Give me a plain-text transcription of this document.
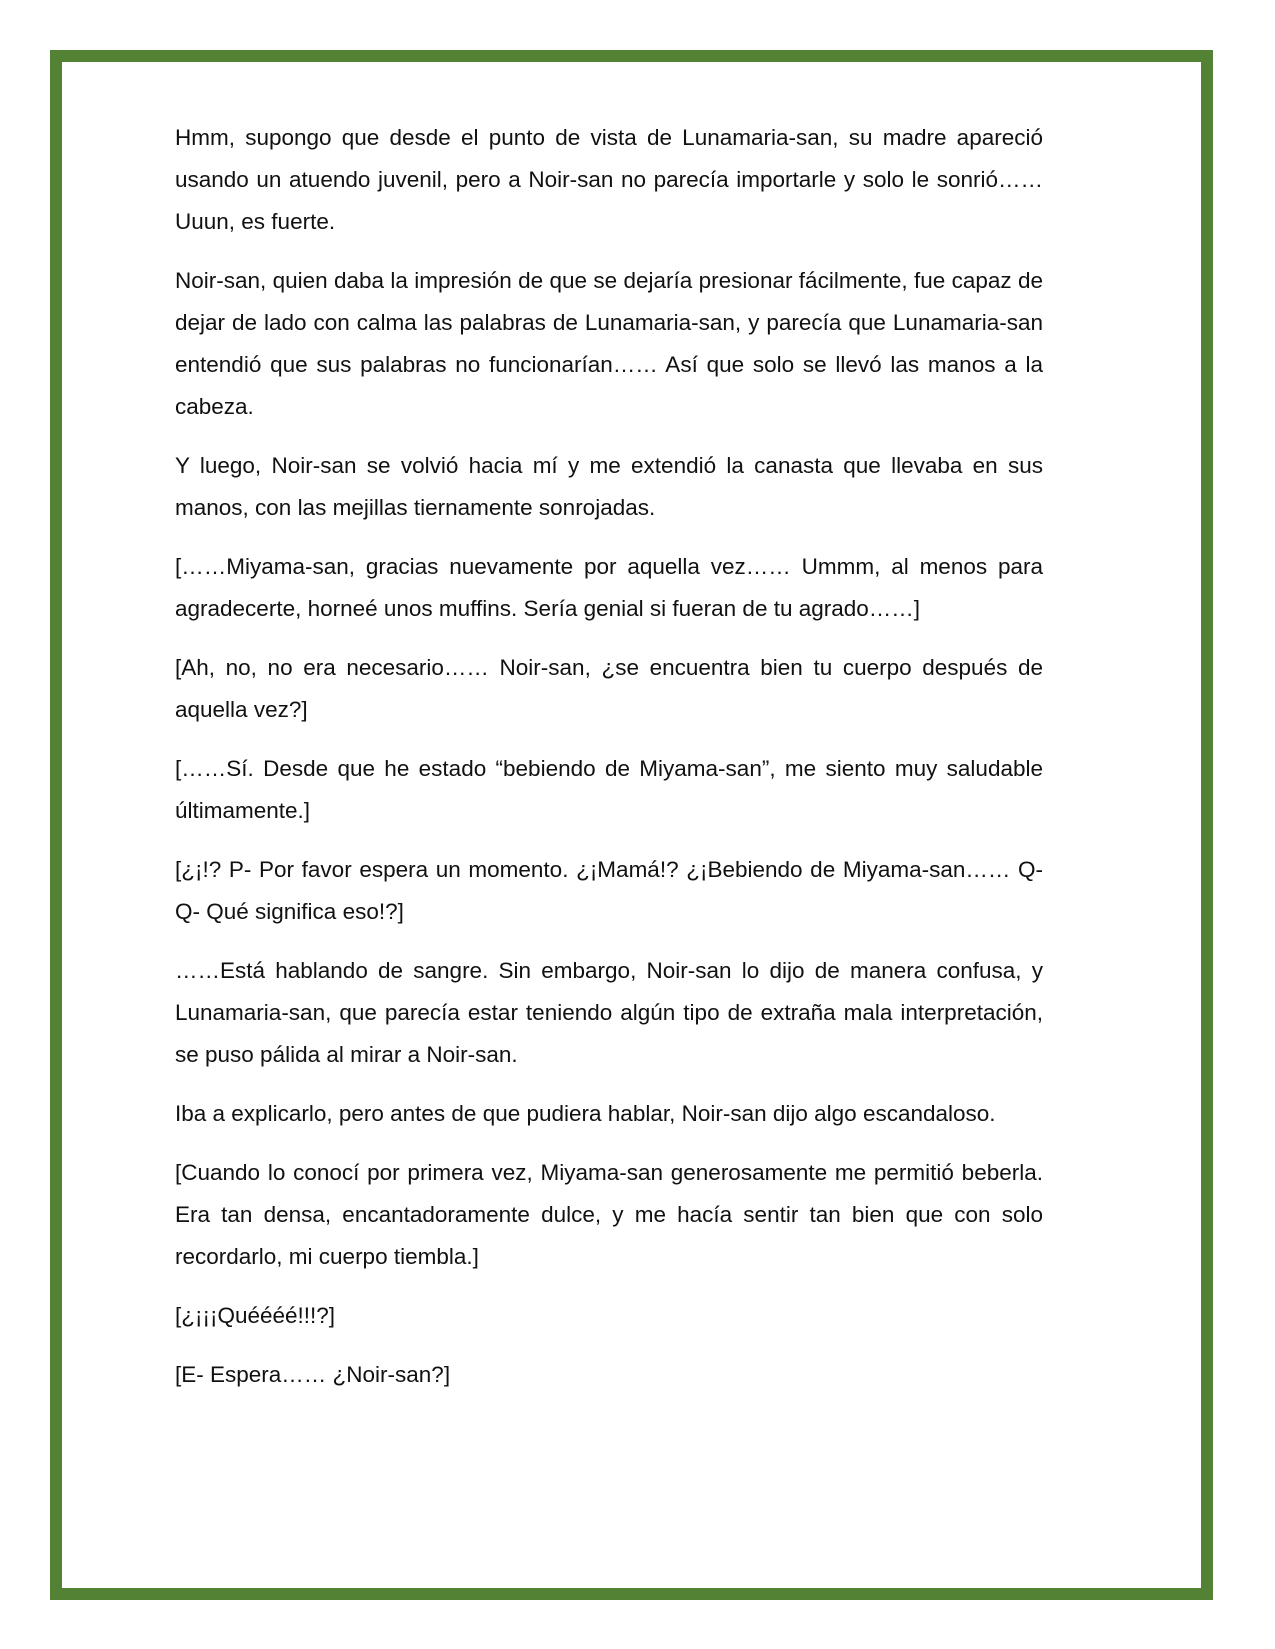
Hmm, supongo que desde el punto de vista de Lunamaria-san, su madre apareció usando un atuendo juvenil, pero a Noir-san no parecía importarle y solo le sonrió…… Uuun, es fuerte.

Noir-san, quien daba la impresión de que se dejaría presionar fácilmente, fue capaz de dejar de lado con calma las palabras de Lunamaria-san, y parecía que Lunamaria-san entendió que sus palabras no funcionarían…… Así que solo se llevó las manos a la cabeza.

Y luego, Noir-san se volvió hacia mí y me extendió la canasta que llevaba en sus manos, con las mejillas tiernamente sonrojadas.

[……Miyama-san, gracias nuevamente por aquella vez…… Ummm, al menos para agradecerte, horneé unos muffins. Sería genial si fueran de tu agrado……]

[Ah, no, no era necesario…… Noir-san, ¿se encuentra bien tu cuerpo después de aquella vez?]

[……Sí. Desde que he estado “bebiendo de Miyama-san”, me siento muy saludable últimamente.]

[¿¡!? P- Por favor espera un momento. ¿¡Mamá!? ¿¡Bebiendo de Miyama-san…… Q- Q- Qué significa eso!?]

……Está hablando de sangre. Sin embargo, Noir-san lo dijo de manera confusa, y Lunamaria-san, que parecía estar teniendo algún tipo de extraña mala interpretación, se puso pálida al mirar a Noir-san.

Iba a explicarlo, pero antes de que pudiera hablar, Noir-san dijo algo escandaloso.

[Cuando lo conocí por primera vez, Miyama-san generosamente me permitió beberla. Era tan densa, encantadoramente dulce, y me hacía sentir tan bien que con solo recordarlo, mi cuerpo tiembla.]

[¿¡¡¡Quéééé!!!?]

[E- Espera…… ¿Noir-san?]
